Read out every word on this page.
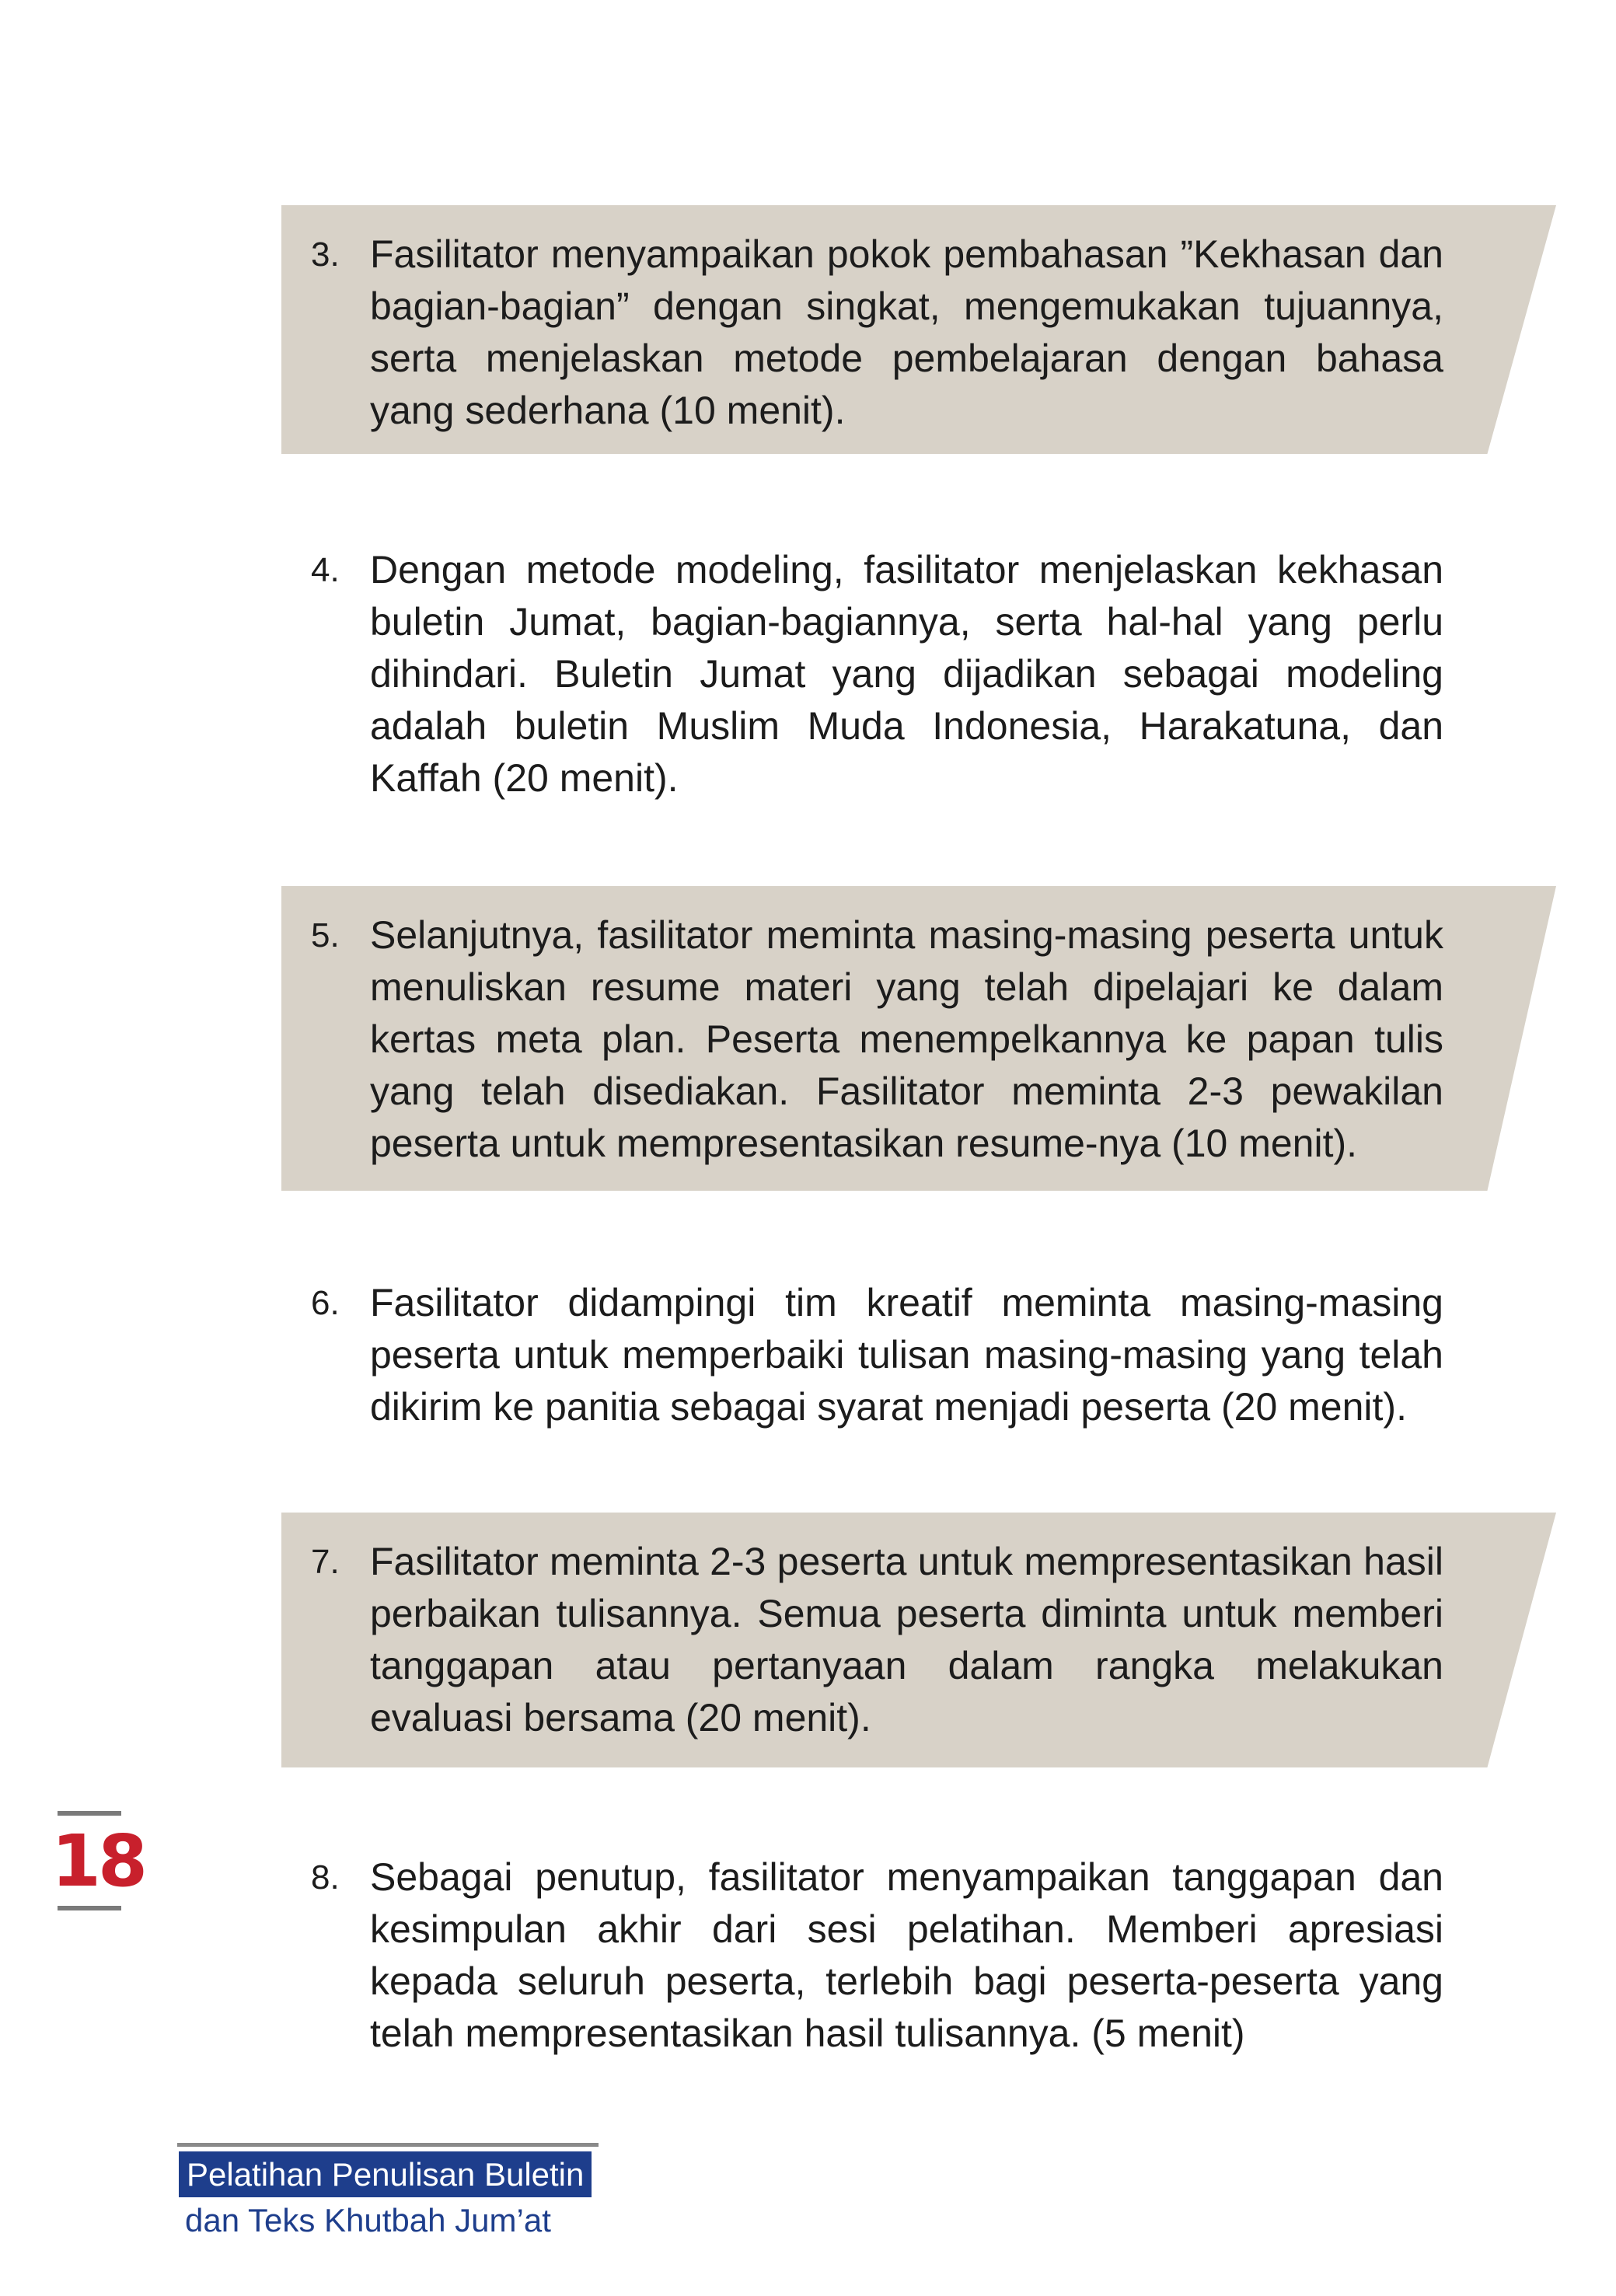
3. Fasilitator menyampaikan pokok pembahasan ”Kekhasan dan bagian-bagian” dengan singkat, mengemukakan tujuannya, serta menjelaskan metode pembelajaran dengan bahasa yang sederhana (10 menit).
4. Dengan metode modeling, fasilitator menjelaskan kekhasan buletin Jumat, bagian-bagiannya, serta hal-hal yang perlu dihindari. Buletin Jumat yang dijadikan sebagai modeling adalah buletin Muslim Muda Indonesia, Harakatuna, dan Kaffah (20 menit).
5. Selanjutnya, fasilitator meminta masing-masing peserta untuk menuliskan resume materi yang telah dipelajari ke dalam kertas meta plan. Peserta menempelkannya ke papan tulis yang telah disediakan. Fasilitator meminta 2-3 pewakilan peserta untuk mempresentasikan resume-nya (10 menit).
6. Fasilitator didampingi tim kreatif meminta masing-masing peserta untuk memperbaiki tulisan masing-masing yang telah dikirim ke panitia sebagai syarat menjadi peserta (20 menit).
7. Fasilitator meminta 2-3 peserta untuk mempresentasikan hasil perbaikan tulisannya. Semua peserta diminta untuk memberi tanggapan atau pertanyaan dalam rangka melakukan evaluasi bersama (20 menit).
8. Sebagai penutup, fasilitator menyampaikan tanggapan dan kesimpulan akhir dari sesi pelatihan. Memberi apresiasi kepada seluruh peserta, terlebih bagi peserta-peserta yang telah mempresentasikan hasil tulisannya. (5 menit)
18
Pelatihan Penulisan Buletin
dan Teks Khutbah Jum’at
